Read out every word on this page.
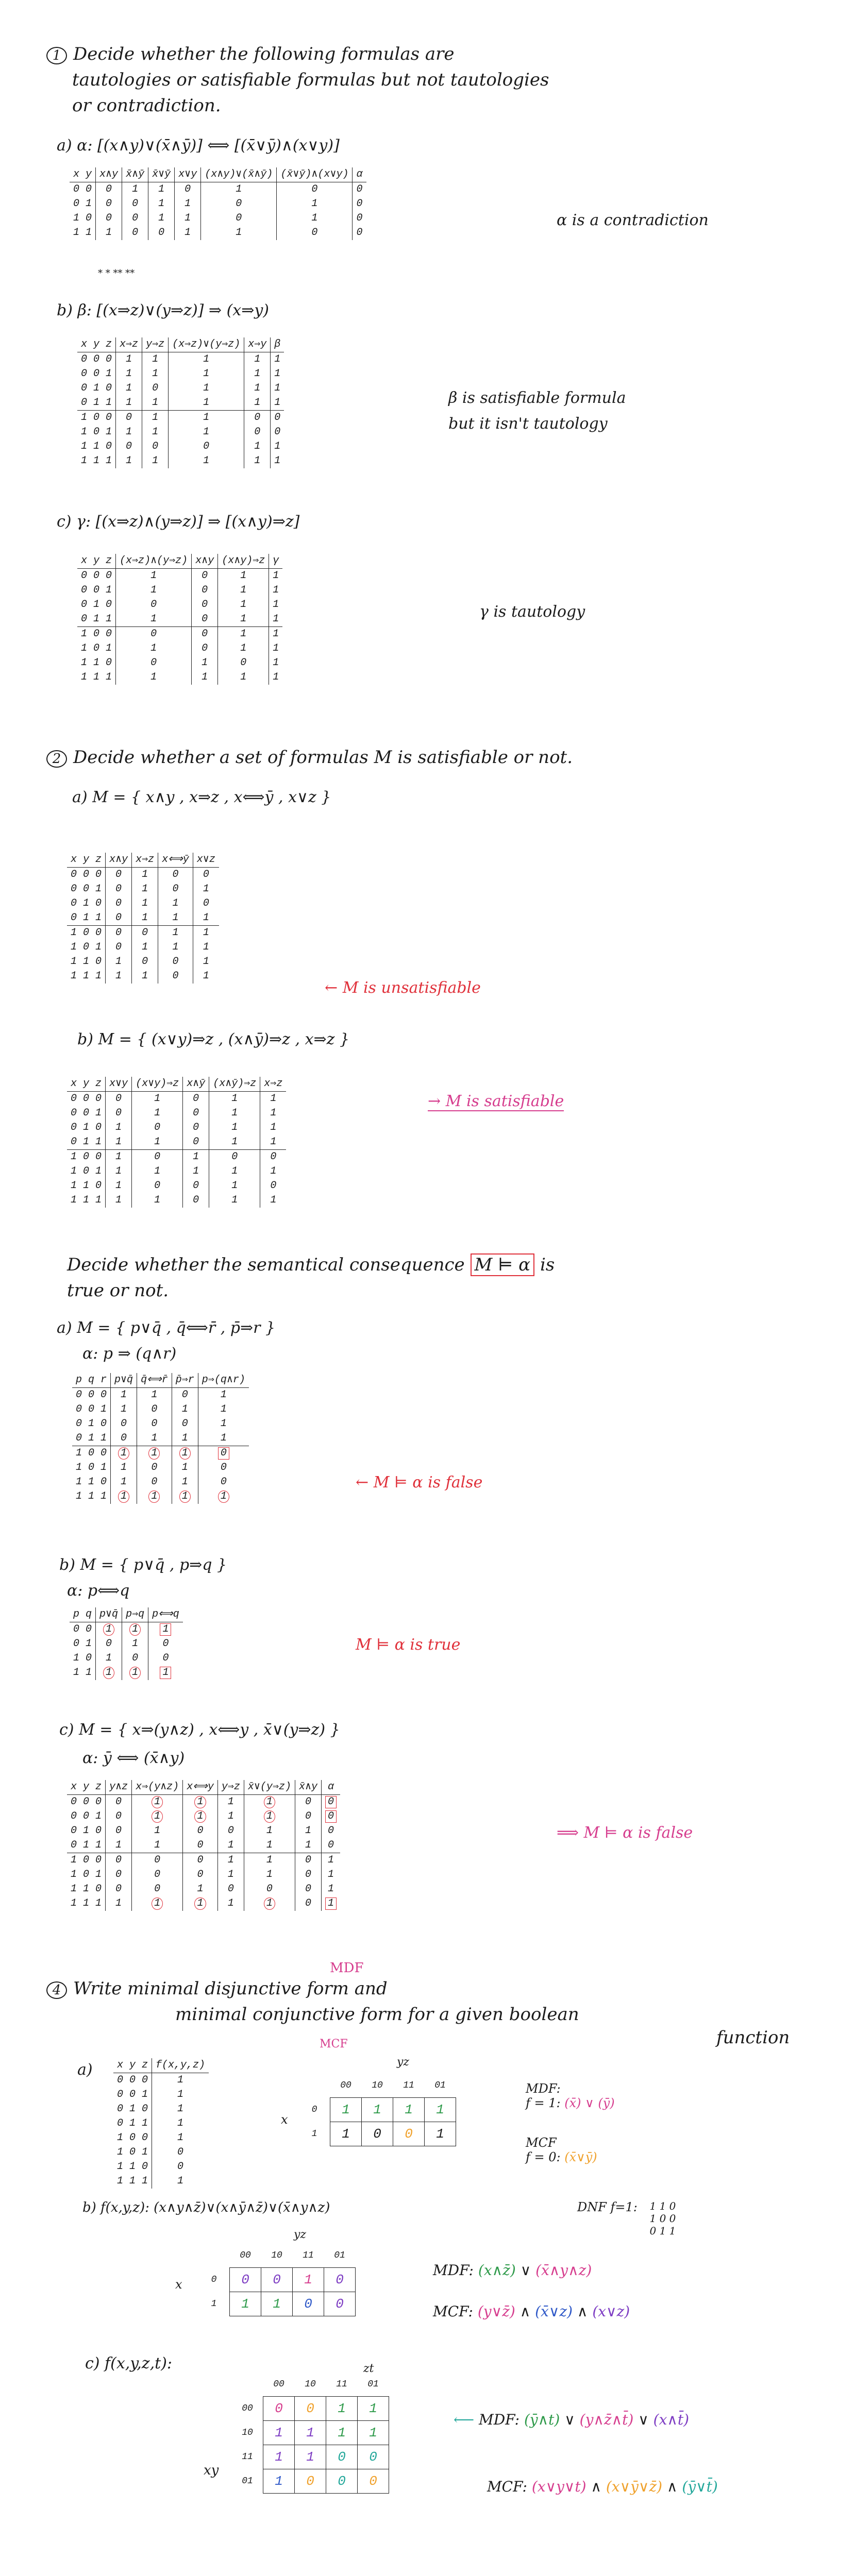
1 Decide whether the following formulas are
tautologies or satisfiable formulas but not tautologies
or contradiction.
a) α: [(x∧y)∨(x̄∧ȳ)] ⟺ [(x̄∨ȳ)∧(x∨y)]
x y	x∧y	x̄∧ȳ	x̄∨ȳ	x∨y	(x∧y)∨(x̄∧ȳ)	(x̄∨ȳ)∧(x∨y)	α
0 0	0	1	1	0	1	0	0
0 1	0	0	1	1	0	1	0
1 0	0	0	1	1	0	1	0
1 1	1	0	0	1	1	0	0
* * ** **
α is a contradiction
b) β: [(x⇒z)∨(y⇒z)] ⇒ (x⇒y)
x y z	x⇒z	y⇒z	(x⇒z)∨(y⇒z)	x⇒y	β
0 0 0	1	1	1	1	1
0 0 1	1	1	1	1	1
0 1 0	1	0	1	1	1
0 1 1	1	1	1	1	1
1 0 0	0	1	1	0	0
1 0 1	1	1	1	0	0
1 1 0	0	0	0	1	1
1 1 1	1	1	1	1	1
β is satisfiable formula
but it isn't tautology
c) γ: [(x⇒z)∧(y⇒z)] ⇒ [(x∧y)⇒z]
x y z	(x⇒z)∧(y⇒z)	x∧y	(x∧y)⇒z	γ
0 0 0	1	0	1	1
0 0 1	1	0	1	1
0 1 0	0	0	1	1
0 1 1	1	0	1	1
1 0 0	0	0	1	1
1 0 1	1	0	1	1
1 1 0	0	1	0	1
1 1 1	1	1	1	1
γ is tautology
2 Decide whether a set of formulas M is satisfiable or not.
a) M = { x∧y , x⇒z , x⟺ȳ , x∨z }
x y z	x∧y	x⇒z	x⟺ȳ	x∨z
0 0 0	0	1	0	0
0 0 1	0	1	0	1
0 1 0	0	1	1	0
0 1 1	0	1	1	1
1 0 0	0	0	1	1
1 0 1	0	1	1	1
1 1 0	1	0	0	1
1 1 1	1	1	0	1
← M is unsatisfiable
b) M = { (x∨y)⇒z , (x∧ȳ)⇒z , x⇒z }
x y z	x∨y	(x∨y)⇒z	x∧ȳ	(x∧ȳ)⇒z	x⇒z
0 0 0	0	1	0	1	1
0 0 1	0	1	0	1	1
0 1 0	1	0	0	1	1
0 1 1	1	1	0	1	1
1 0 0	1	0	1	0	0
1 0 1	1	1	1	1	1
1 1 0	1	0	0	1	0
1 1 1	1	1	0	1	1
→ M is satisfiable
Decide whether the semantical consequence M ⊨ α is
true or not.
a) M = { p∨q̄ , q̄⟺r̄ , p̄⇒r }
α: p ⇒ (q∧r)
p q r	p∨q̄	q̄⟺r̄	p̄⇒r	p⇒(q∧r)
0 0 0	1	1	0	1
0 0 1	1	0	1	1
0 1 0	0	0	0	1
0 1 1	0	1	1	1
1 0 0	1	1	1	0
1 0 1	1	0	1	0
1 1 0	1	0	1	0
1 1 1	1	1	1	1
← M ⊨ α is false
b) M = { p∨q̄ , p⇒q }
α: p⟺q
p q	p∨q̄	p⇒q	p⟺q
0 0	1	1	1
0 1	0	1	0
1 0	1	0	0
1 1	1	1	1
M ⊨ α is true
c) M = { x⇒(y∧z) , x⟺y , x̄∨(y⇒z) }
α: ȳ ⟺ (x̄∧y)
x y z	y∧z	x⇒(y∧z)	x⟺y	y⇒z	x̄∨(y⇒z)	x̄∧y	α
0 0 0	0	1	1	1	1	0	0
0 0 1	0	1	1	1	1	0	0
0 1 0	0	1	0	0	1	1	0
0 1 1	1	1	0	1	1	1	0
1 0 0	0	0	0	1	1	0	1
1 0 1	0	0	0	1	1	0	1
1 1 0	0	0	1	0	0	0	1
1 1 1	1	1	1	1	1	0	1
⟹ M ⊨ α is false
MDF
4 Write minimal disjunctive form and
minimal conjunctive form for a given boolean
function
MCF
a) x y z	f(x,y,z)
0 0 0	1
0 0 1	1
0 1 0	1
0 1 1	1
1 0 0	1
1 0 1	0
1 1 0	0
1 1 1	1
yz
x
	00	10	11	01
0	1	1	1	1
1	1	0	0	1
MDF:
f = 1: (x̄) ∨ (ȳ)
MCF
f = 0: (x̄∨ȳ)
b) f(x,y,z): (x∧y∧z̄)∨(x∧ȳ∧z̄)∨(x̄∧y∧z)	DNF f=1: 1 1 0
1 0 0
0 1 1
yz
x
	00	10	11	01
0	0	0	1	0
1	1	1	0	0
MDF: (x∧z̄) ∨ (x̄∧y∧z)
MCF: (y∨z̄) ∧ (x̄∨z) ∧ (x∨z)
c) f(x,y,z,t):	zt
xy
	00	10	11	01
00	0	0	1	1
10	1	1	1	1
11	1	1	0	0
01	1	0	0	0
⟵ MDF: (ȳ∧t) ∨ (y∧z̄∧t̄) ∨ (x∧t̄)
MCF: (x∨y∨t) ∧ (x∨ȳ∨z̄) ∧ (ȳ∨t̄)
